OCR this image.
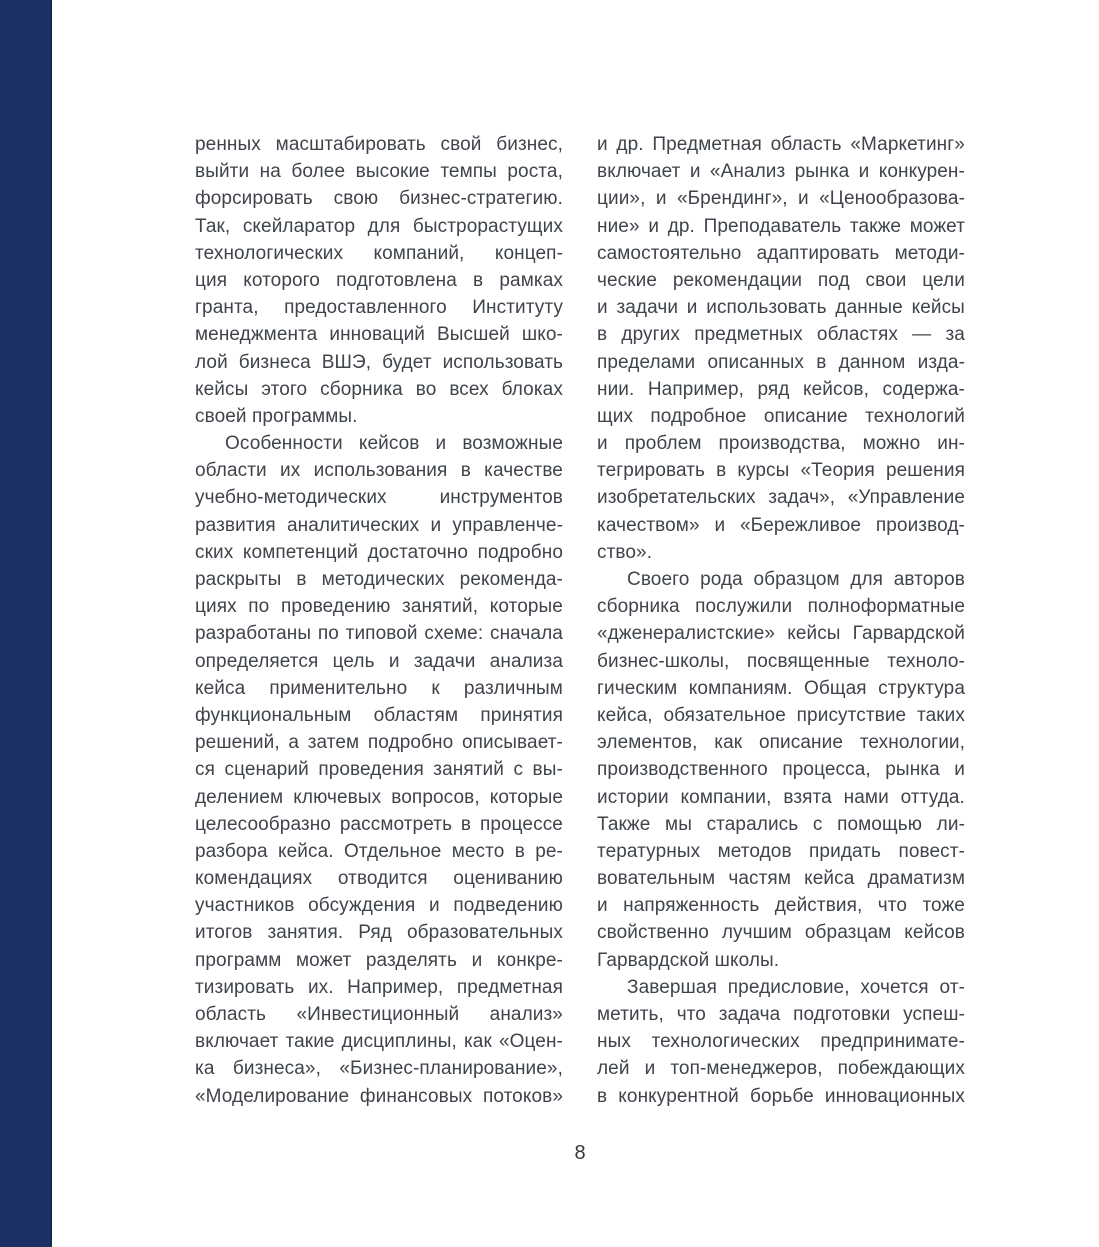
ренных масштабировать свой бизнес,
выйти на более высокие темпы роста,
форсировать свою бизнес-стратегию.
Так, скейларатор для быстрорастущих
технологических компаний, концеп-
ция которого подготовлена в рамках
гранта, предоставленного Институту
менеджмента инноваций Высшей шко-
лой бизнеса ВШЭ, будет использовать
кейсы этого сборника во всех блоках
своей программы.
Особенности кейсов и возможные
области их использования в качестве
учебно-методических	инструментов
развития аналитических и управленче-
ских компетенций достаточно подробно
раскрыты в методических рекоменда-
циях по проведению занятий, которые
разработаны по типовой схеме: сначала
определяется цель и задачи анализа
кейса применительно к различным
функциональным областям принятия
решений, а затем подробно описывает-
ся сценарий проведения занятий с вы-
делением ключевых вопросов, которые
целесообразно рассмотреть в процессе
разбора кейса. Отдельное место в ре-
комендациях отводится оцениванию
участников обсуждения и подведению
итогов занятия. Ряд образовательных
программ может разделять и конкре-
тизировать их. Например, предметная
область «Инвестиционный анализ»
включает такие дисциплины, как «Оцен-
ка бизнеса», «Бизнес-планирование»,
«Моделирование финансовых потоков»
и др. Предметная область «Маркетинг»
включает и «Анализ рынка и конкурен-
ции», и «Брендинг», и «Ценообразова-
ние» и др. Преподаватель также может
самостоятельно адаптировать методи-
ческие рекомендации под свои цели
и задачи и использовать данные кейсы
в других предметных областях — за
пределами описанных в данном изда-
нии. Например, ряд кейсов, содержа-
щих подробное описание технологий
и проблем производства, можно ин-
тегрировать в курсы «Теория решения
изобретательских задач», «Управление
качеством» и «Бережливое производ-
ство».
Своего рода образцом для авторов
сборника послужили полноформатные
«дженералистские» кейсы Гарвардской
бизнес-школы, посвященные техноло-
гическим компаниям. Общая структура
кейса, обязательное присутствие таких
элементов, как описание технологии,
производственного процесса, рынка и
истории компании, взята нами оттуда.
Также мы старались с помощью ли-
тературных методов придать повест-
вовательным частям кейса драматизм
и напряженность действия, что тоже
свойственно лучшим образцам кейсов
Гарвардской школы.
Завершая предисловие, хочется от-
метить, что задача подготовки успеш-
ных технологических предпринимате-
лей и топ-менеджеров, побеждающих
в конкурентной борьбе инновационных
8
